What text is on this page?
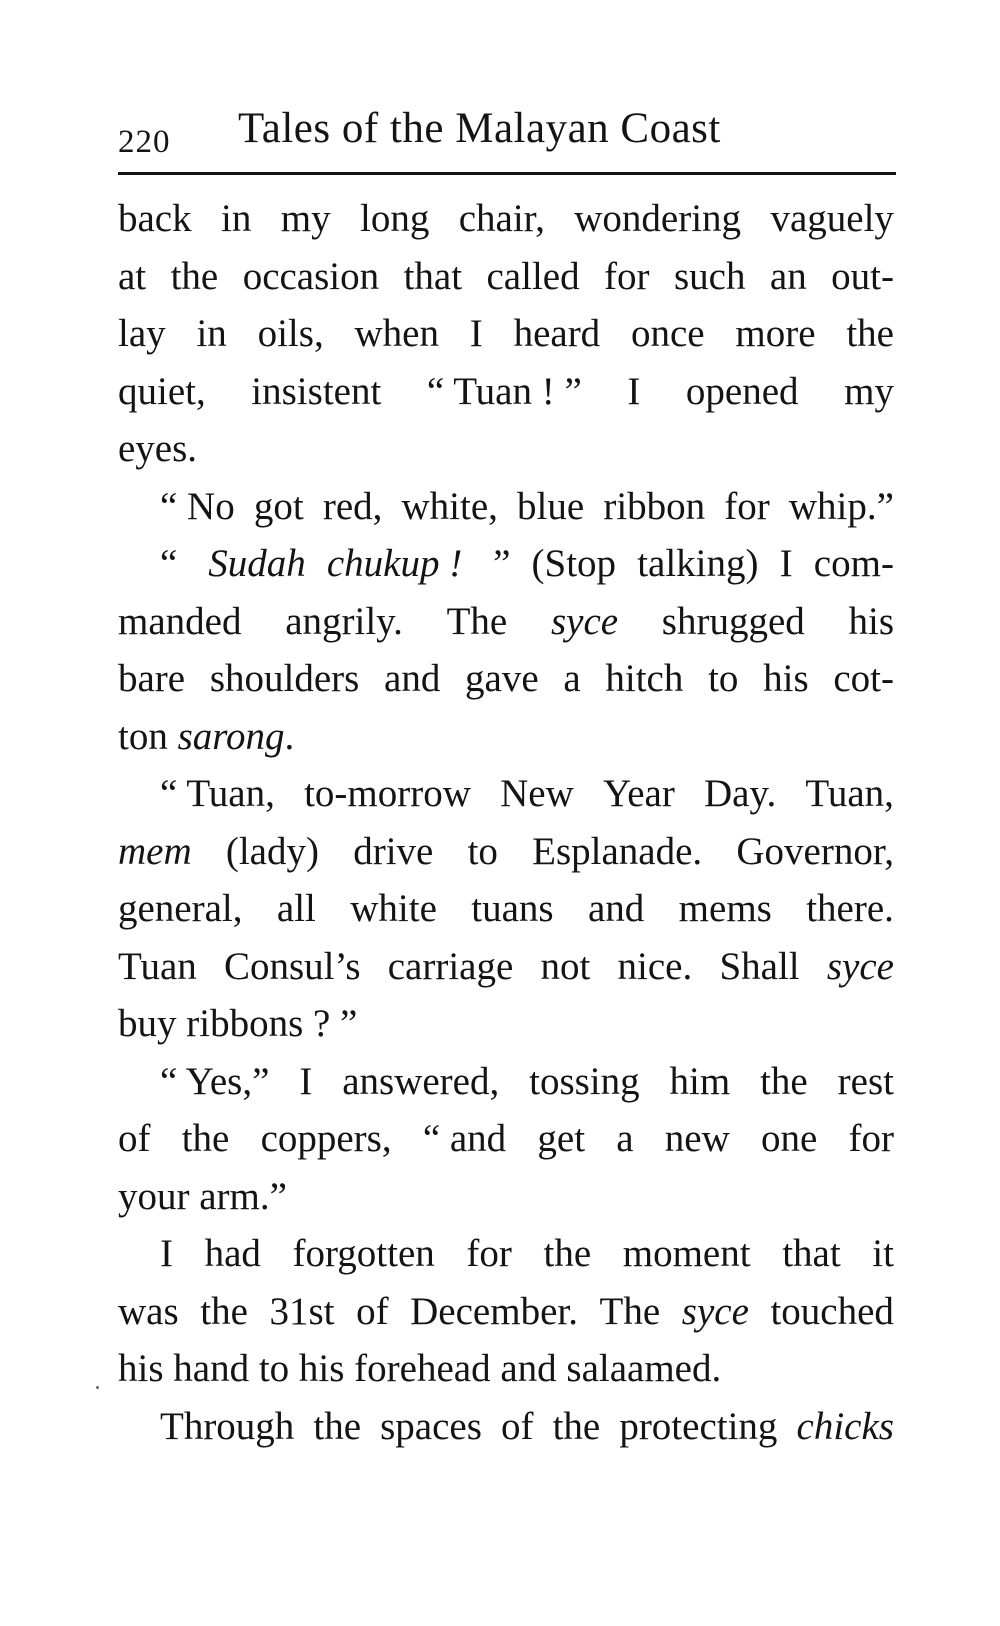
220 Tales of the Malayan Coast
back in my long chair, wondering vaguely
at the occasion that called for such an out-
lay in oils, when I heard once more the
quiet, insistent “ Tuan ! ” I opened my
eyes.
“ No got red, white, blue ribbon for whip.”
“ Sudah chukup ! ” (Stop talking) I com-
manded angrily. The syce shrugged his
bare shoulders and gave a hitch to his cot-
ton sarong.
“ Tuan, to-morrow New Year Day. Tuan,
mem (lady) drive to Esplanade. Governor,
general, all white tuans and mems there.
Tuan Consul’s carriage not nice. Shall syce
buy ribbons ? ”
“ Yes,” I answered, tossing him the rest
of the coppers, “ and get a new one for
your arm.”
I had forgotten for the moment that it
was the 31st of December. The syce touched
his hand to his forehead and salaamed.
Through the spaces of the protecting chicks
